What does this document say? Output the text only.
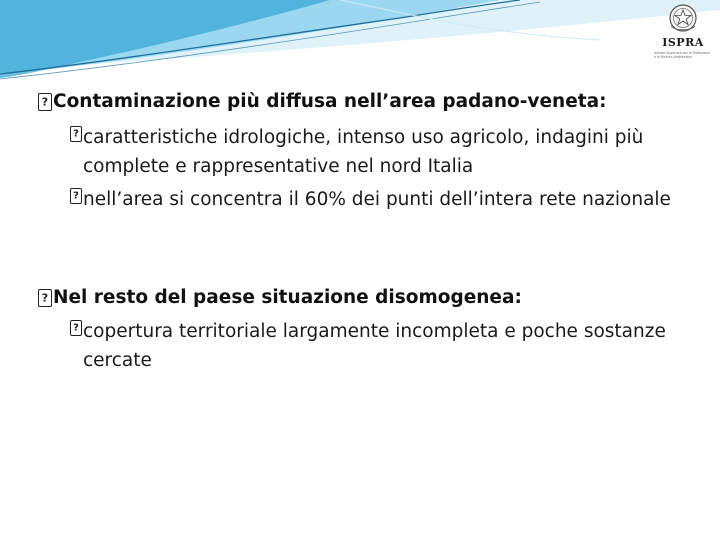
ISPRA
Istituto Superiore per la Protezione
e la Ricerca Ambientale
?
Contaminazione più diffusa nell’area padano-veneta:
?
caratteristiche idrologiche, intenso uso agricolo, indagini più complete e rappresentative nel nord Italia
?
nell’area si concentra il 60% dei punti dell’intera rete nazionale
?
Nel resto del paese situazione disomogenea:
?
copertura territoriale largamente incompleta e poche sostanze cercate
